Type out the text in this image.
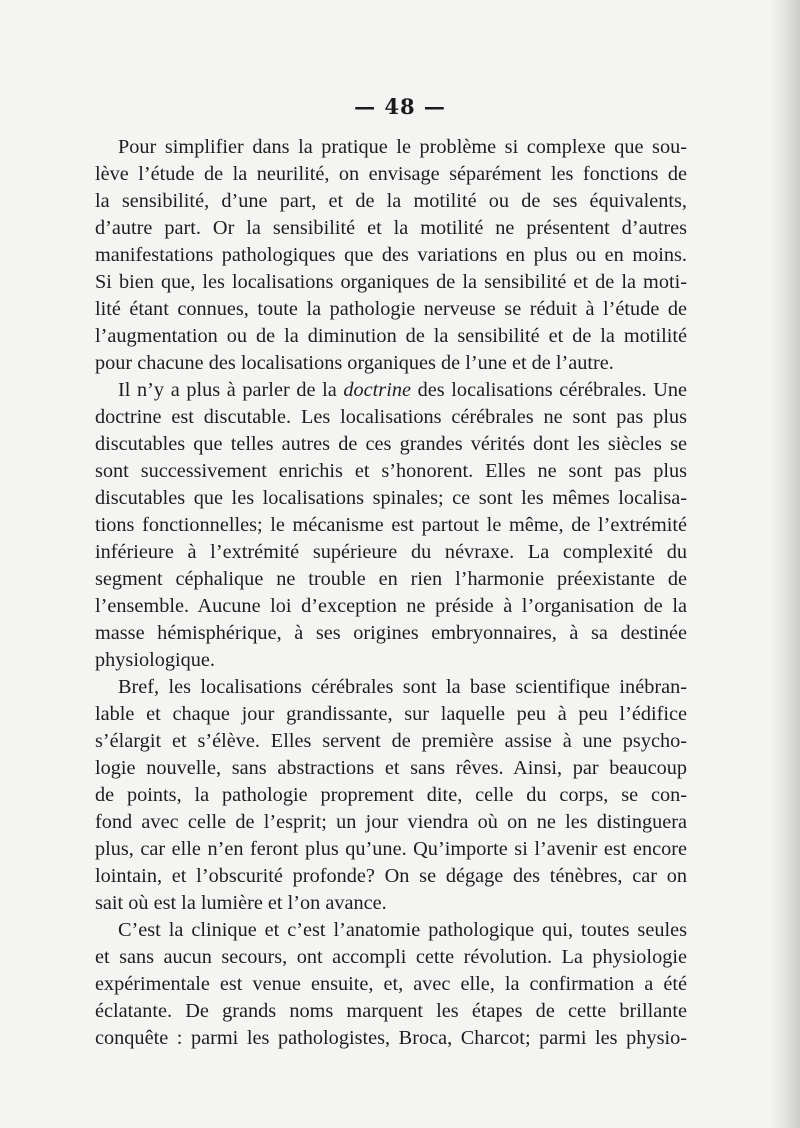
— 48 —
Pour simplifier dans la pratique le problème si complexe que sou-
lève l’étude de la neurilité, on envisage séparément les fonctions de
la sensibilité, d’une part, et de la motilité ou de ses équivalents,
d’autre part. Or la sensibilité et la motilité ne présentent d’autres
manifestations pathologiques que des variations en plus ou en moins.
Si bien que, les localisations organiques de la sensibilité et de la moti-
lité étant connues, toute la pathologie nerveuse se réduit à l’étude de
l’augmentation ou de la diminution de la sensibilité et de la motilité
pour chacune des localisations organiques de l’une et de l’autre.
Il n’y a plus à parler de la doctrine des localisations cérébrales. Une
doctrine est discutable. Les localisations cérébrales ne sont pas plus
discutables que telles autres de ces grandes vérités dont les siècles se
sont successivement enrichis et s’honorent. Elles ne sont pas plus
discutables que les localisations spinales; ce sont les mêmes localisa-
tions fonctionnelles; le mécanisme est partout le même, de l’extrémité
inférieure à l’extrémité supérieure du névraxe. La complexité du
segment céphalique ne trouble en rien l’harmonie préexistante de
l’ensemble. Aucune loi d’exception ne préside à l’organisation de la
masse hémisphérique, à ses origines embryonnaires, à sa destinée
physiologique.
Bref, les localisations cérébrales sont la base scientifique inébran-
lable et chaque jour grandissante, sur laquelle peu à peu l’édifice
s’élargit et s’élève. Elles servent de première assise à une psycho-
logie nouvelle, sans abstractions et sans rêves. Ainsi, par beaucoup
de points, la pathologie proprement dite, celle du corps, se con-
fond avec celle de l’esprit; un jour viendra où on ne les distinguera
plus, car elle n’en feront plus qu’une. Qu’importe si l’avenir est encore
lointain, et l’obscurité profonde? On se dégage des ténèbres, car on
sait où est la lumière et l’on avance.
C’est la clinique et c’est l’anatomie pathologique qui, toutes seules
et sans aucun secours, ont accompli cette révolution. La physiologie
expérimentale est venue ensuite, et, avec elle, la confirmation a été
éclatante. De grands noms marquent les étapes de cette brillante
conquête : parmi les pathologistes, Broca, Charcot; parmi les physio-
